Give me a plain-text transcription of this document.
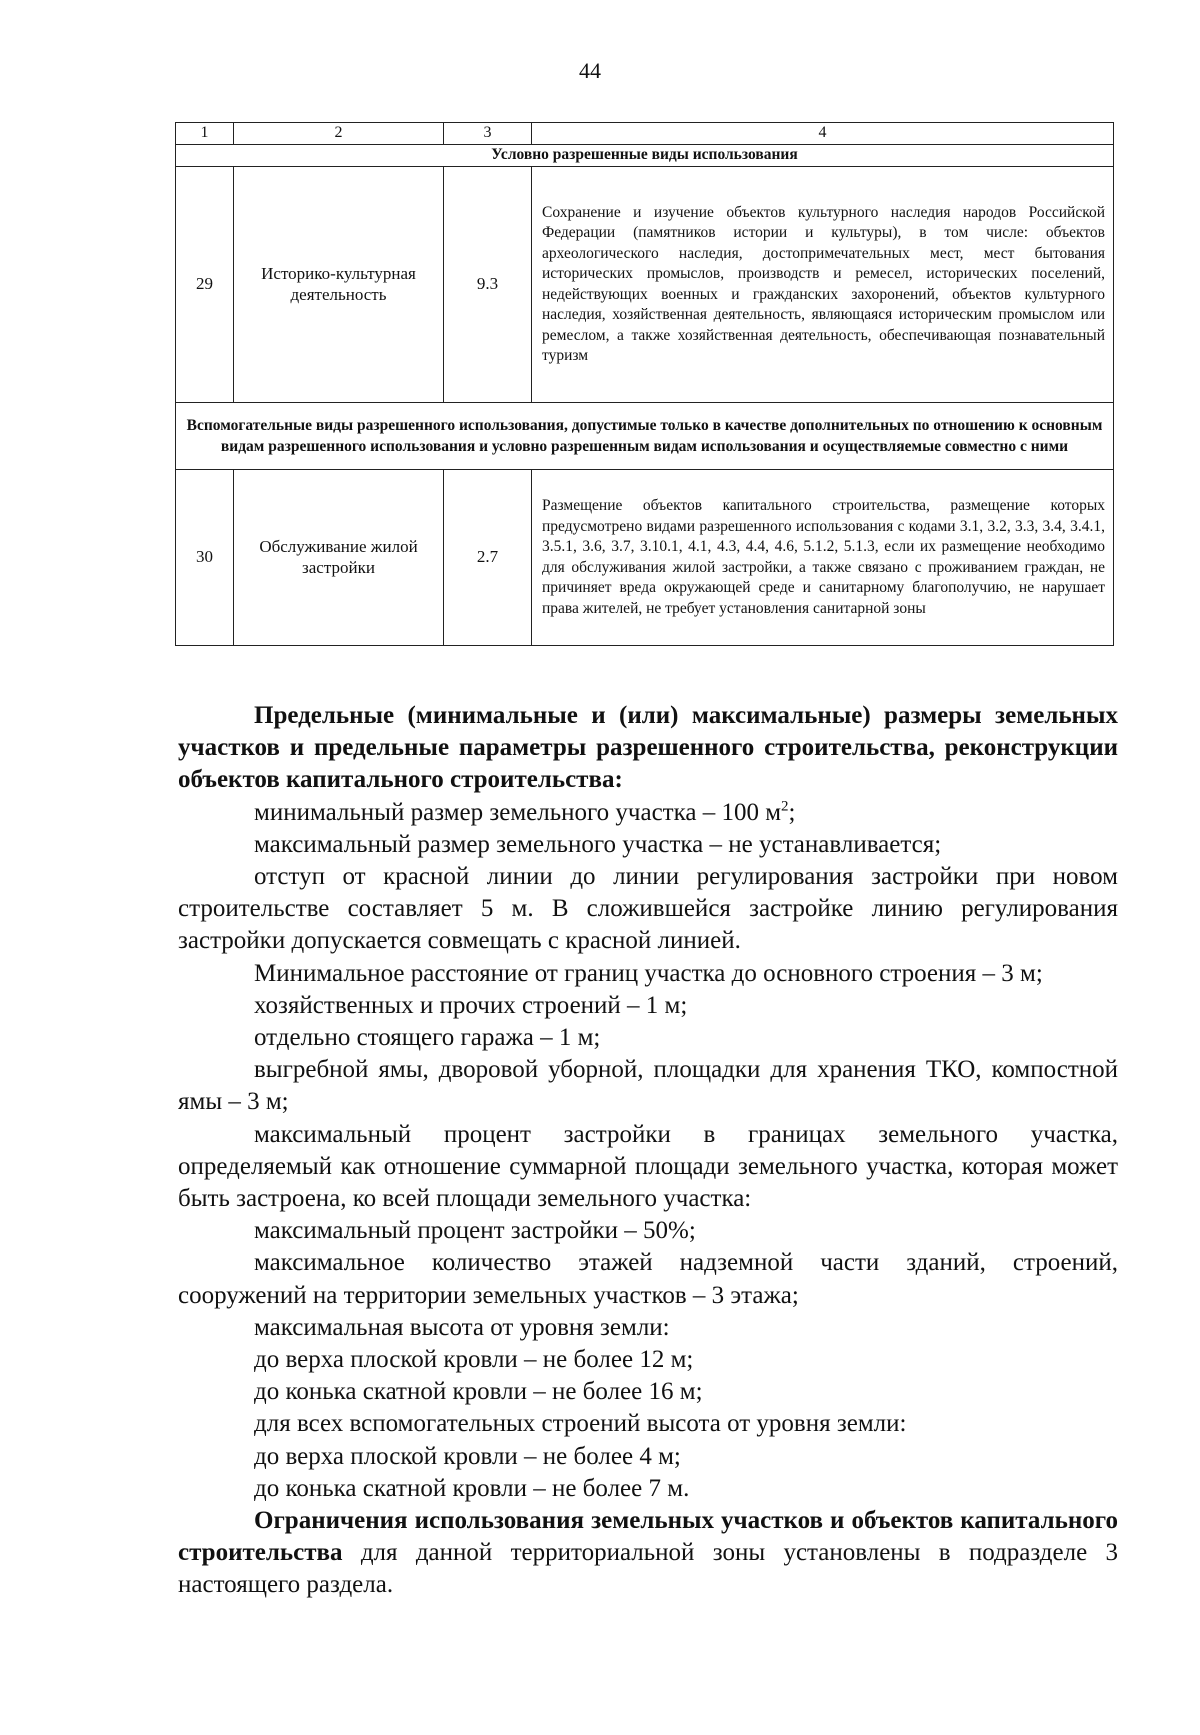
44
1	2	3	4
Условно разрешенные виды использования			
29	Историко-культурная деятельность	9.3	Сохранение и изучение объектов культурного наследия народов Российской Федерации (памятников истории и культуры), в том числе: объектов археологического наследия, достопримечательных мест, мест бытования исторических промыслов, производств и ремесел, исторических поселений, недействующих военных и гражданских захоронений, объектов культурного наследия, хозяйственная деятельность, являющаяся историческим промыслом или ремеслом, а также хозяйственная деятельность, обеспечивающая познавательный туризм
Вспомогательные виды разрешенного использования, допустимые только в качестве дополнительных по отношению к основным видам разрешенного использования и условно разрешенным видам использования и осуществляемые совместно с ними			
30	Обслуживание жилой застройки	2.7	Размещение объектов капитального строительства, размещение которых предусмотрено видами разрешенного использования с кодами 3.1, 3.2, 3.3, 3.4, 3.4.1, 3.5.1, 3.6, 3.7, 3.10.1, 4.1, 4.3, 4.4, 4.6, 5.1.2, 5.1.3, если их размещение необходимо для обслуживания жилой застройки, а также связано с проживанием граждан, не причиняет вреда окружающей среде и санитарному благополучию, не нарушает права жителей, не требует установления санитарной зоны

Предельные (минимальные и (или) максимальные) размеры земельных участков и предельные параметры разрешенного строительства, реконструкции объектов капитального строительства:

минимальный размер земельного участка – 100 $м^2$;

максимальный размер земельного участка – не устанавливается;

отступ от красной линии до линии регулирования застройки при новом строительстве составляет 5 м. В сложившейся застройке линию регулирования застройки допускается совмещать с красной линией.

Минимальное расстояние от границ участка до основного строения – 3 м;

хозяйственных и прочих строений – 1 м;

отдельно стоящего гаража – 1 м;

выгребной ямы, дворовой уборной, площадки для хранения ТКО, компостной ямы – 3 м;

максимальный процент застройки в границах земельного участка, определяемый как отношение суммарной площади земельного участка, которая может быть застроена, ко всей площади земельного участка:

максимальный процент застройки – 50%;

максимальное количество этажей надземной части зданий, строений, сооружений на территории земельных участков – 3 этажа;

максимальная высота от уровня земли:

до верха плоской кровли – не более 12 м;

до конька скатной кровли – не более 16 м;

для всех вспомогательных строений высота от уровня земли:

до верха плоской кровли – не более 4 м;

до конька скатной кровли – не более 7 м.

Ограничения использования земельных участков и объектов капитального строительства для данной территориальной зоны установлены в подразделе 3 настоящего раздела.
